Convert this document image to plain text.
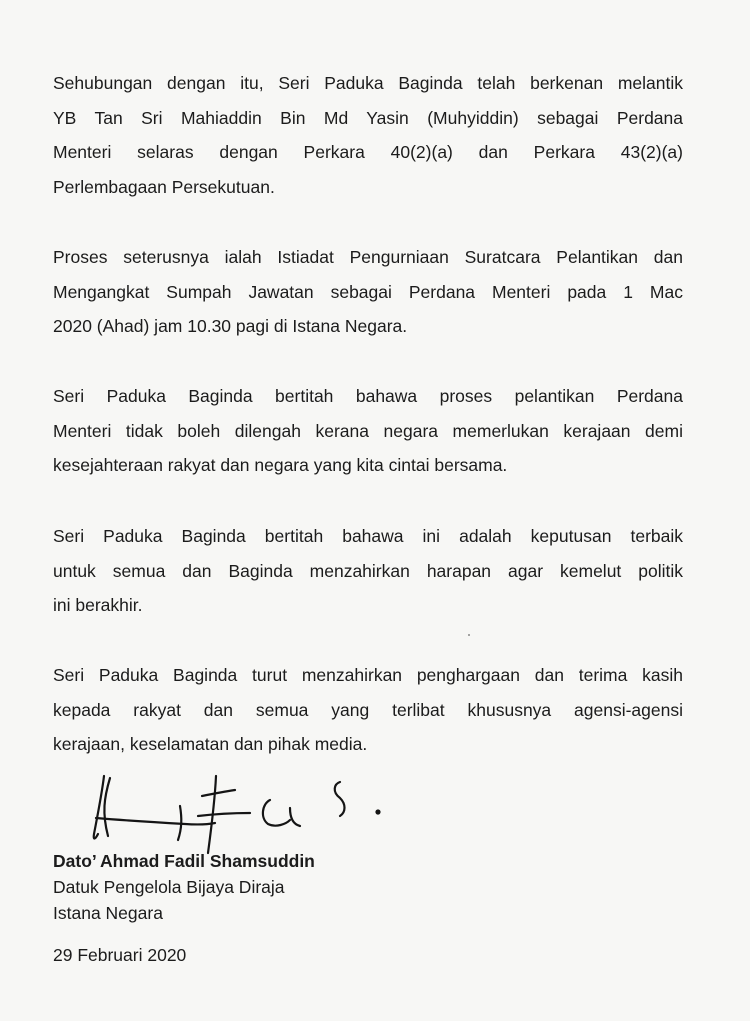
Sehubungan dengan itu, Seri Paduka Baginda telah berkenan melantik
YB Tan Sri Mahiaddin Bin Md Yasin (Muhyiddin) sebagai Perdana
Menteri selaras dengan Perkara 40(2)(a) dan Perkara 43(2)(a)
Perlembagaan Persekutuan.
Proses seterusnya ialah Istiadat Pengurniaan Suratcara Pelantikan dan
Mengangkat Sumpah Jawatan sebagai Perdana Menteri pada 1 Mac
2020 (Ahad) jam 10.30 pagi di Istana Negara.
Seri Paduka Baginda bertitah bahawa proses pelantikan Perdana
Menteri tidak boleh dilengah kerana negara memerlukan kerajaan demi
kesejahteraan rakyat dan negara yang kita cintai bersama.
Seri Paduka Baginda bertitah bahawa ini adalah keputusan terbaik
untuk semua dan Baginda menzahirkan harapan agar kemelut politik
ini berakhir.
Seri Paduka Baginda turut menzahirkan penghargaan dan terima kasih
kepada rakyat dan semua yang terlibat khususnya agensi-agensi
kerajaan, keselamatan dan pihak media.
Dato’ Ahmad Fadil Shamsuddin
Datuk Pengelola Bijaya Diraja
Istana Negara
29 Februari 2020
